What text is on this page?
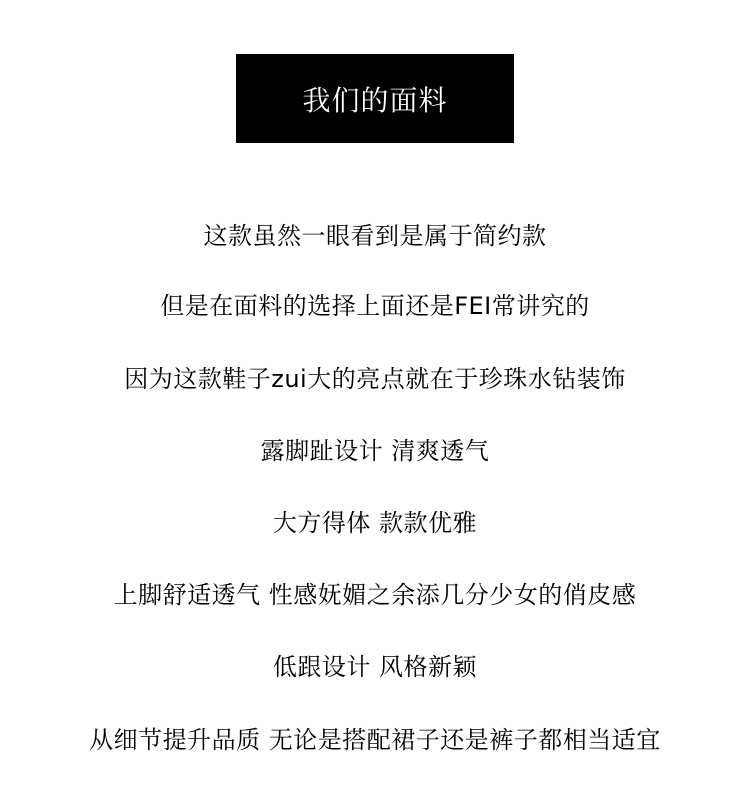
我们的面料
这款虽然一眼看到是属于简约款
但是在面料的选择上面还是FEI常讲究的
因为这款鞋子zui大的亮点就在于珍珠水钻装饰
露脚趾设计 清爽透气
大方得体 款款优雅
上脚舒适透气 性感妩媚之余添几分少女的俏皮感
低跟设计 风格新颖
从细节提升品质 无论是搭配裙子还是裤子都相当适宜
